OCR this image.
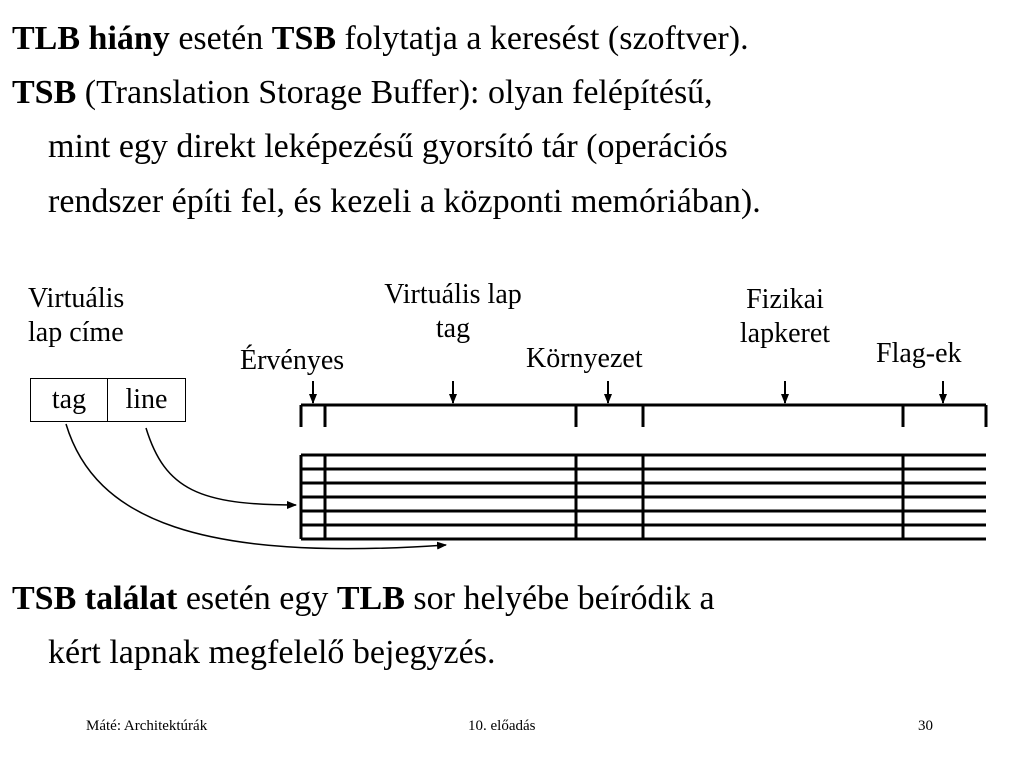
TLB hiány esetén TSB folytatja a keresést (szoftver).

TSB (Translation Storage Buffer): olyan felépítésű,
mint egy direkt leképezésű gyorsító tár (operációs
rendszer építi fel, és kezeli a központi memóriában).

Virtuális
lap címe
tag	line
Érvényes
Virtuális lap
tag
Környezet
Fizikai
lapkeret
Flag-ek

TSB találat esetén egy TLB sor helyébe beíródik a
kért lapnak megfelelő bejegyzés.

Máté: Architektúrák	10. előadás	30
